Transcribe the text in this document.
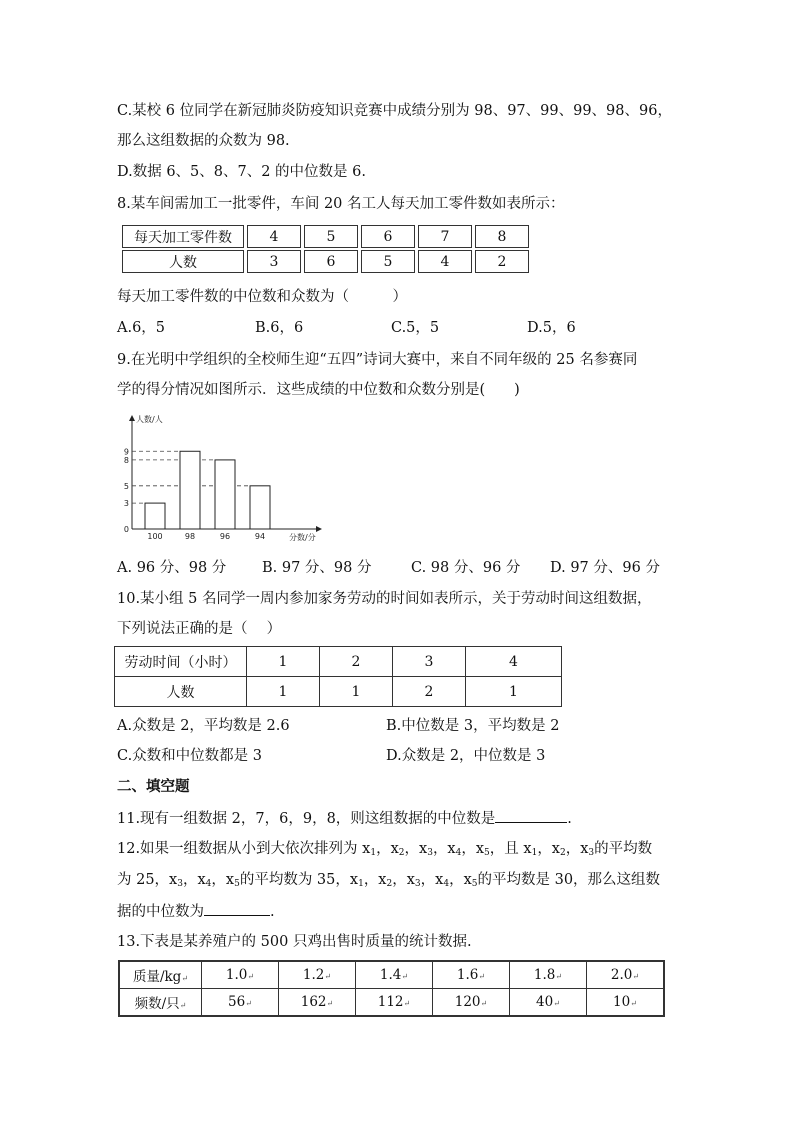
C.某校 6 位同学在新冠肺炎防疫知识竞赛中成绩分别为 98、97、99、99、98、96，
那么这组数据的众数为 98.
D.数据 6、5、8、7、2 的中位数是 6.
8.某车间需加工一批零件，车间 20 名工人每天加工零件数如表所示：
每天加工零件数	4	5	6	7	8
人数	3	6	5	4	2
每天加工零件数的中位数和众数为（　　　）
A.6，5	B.6，6	C.5，5	D.5，6
9.在光明中学组织的全校师生迎“五四”诗词大赛中，来自不同年级的 25 名参赛同
学的得分情况如图所示．这些成绩的中位数和众数分别是(　　)
0
3
5
8
9
100	98	96	94
人数/人
分数/分
A. 96 分、98 分 B. 97 分、98 分	C. 98 分、96 分 D. 97 分、96 分
10.某小组 5 名同学一周内参加家务劳动的时间如表所示，关于劳动时间这组数据，
下列说法正确的是（　 ）
劳动时间（小时）	1	2	3	4
人数	1	1	2	1
A.众数是 2，平均数是 2.6	B.中位数是 3，平均数是 2
C.众数和中位数都是 3	D.众数是 2，中位数是 3
二、填空题
11.现有一组数据 2，7，6，9，8，则这组数据的中位数是	.
12.如果一组数据从小到大依次排列为 $x_1$，$x_2$，$x_3$，$x_4$，$x_5$，且 $x_1$，$x_2$，$x_3$的平均数
为 25，$x_3$，$x_4$，$x_5$的平均数为 35，$x_1$，$x_2$，$x_3$，$x_4$，$x_5$的平均数是 30，那么这组数
据的中位数为	.
13.下表是某养殖户的 500 只鸡出售时质量的统计数据.
质量/kg↵	1.0↵	1.2↵	1.4↵	1.6↵	1.8↵	2.0↵
频数/只↵	56↵	162↵	112↵	120↵	40↵	10↵
